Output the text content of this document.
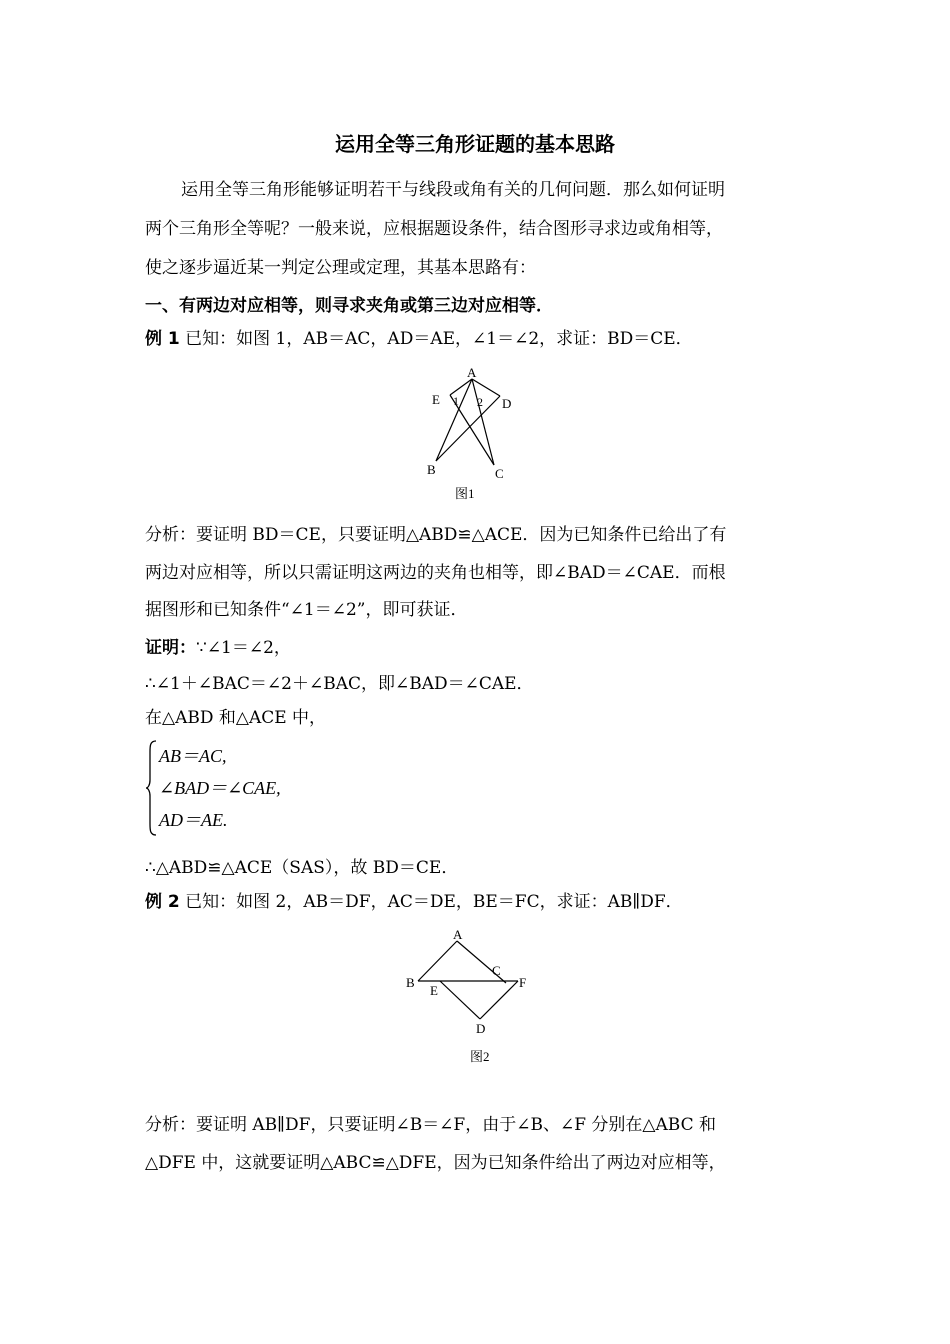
运用全等三角形证题的基本思路
运用全等三角形能够证明若干与线段或角有关的几何问题．那么如何证明
两个三角形全等呢？一般来说，应根据题设条件，结合图形寻求边或角相等，
使之逐步逼近某一判定公理或定理，其基本思路有：
一、有两边对应相等，则寻求夹角或第三边对应相等．
例 1 已知：如图 1，AB＝AC，AD＝AE，∠1＝∠2，求证：BD＝CE．
A
E	D
B	C
1 2
图1
分析：要证明 BD＝CE，只要证明△ABD≌△ACE．因为已知条件已给出了有
两边对应相等，所以只需证明这两边的夹角也相等，即∠BAD＝∠CAE．而根
据图形和已知条件“∠1＝∠2”，即可获证．
证明：∵∠1＝∠2，
∴∠1＋∠BAC＝∠2＋∠BAC，即∠BAD＝∠CAE．
在△ABD 和△ACE 中，
AB＝AC,
∠BAD＝∠CAE,
AD＝AE.
∴△ABD≌△ACE（SAS），故 BD＝CE．
例 2 已知：如图 2，AB＝DF，AC＝DE，BE＝FC，求证：AB∥DF．
A
B
E
C
F
D
图2
分析：要证明 AB∥DF，只要证明∠B＝∠F，由于∠B、∠F 分别在△ABC 和
△DFE 中，这就要证明△ABC≌△DFE，因为已知条件给出了两边对应相等，
